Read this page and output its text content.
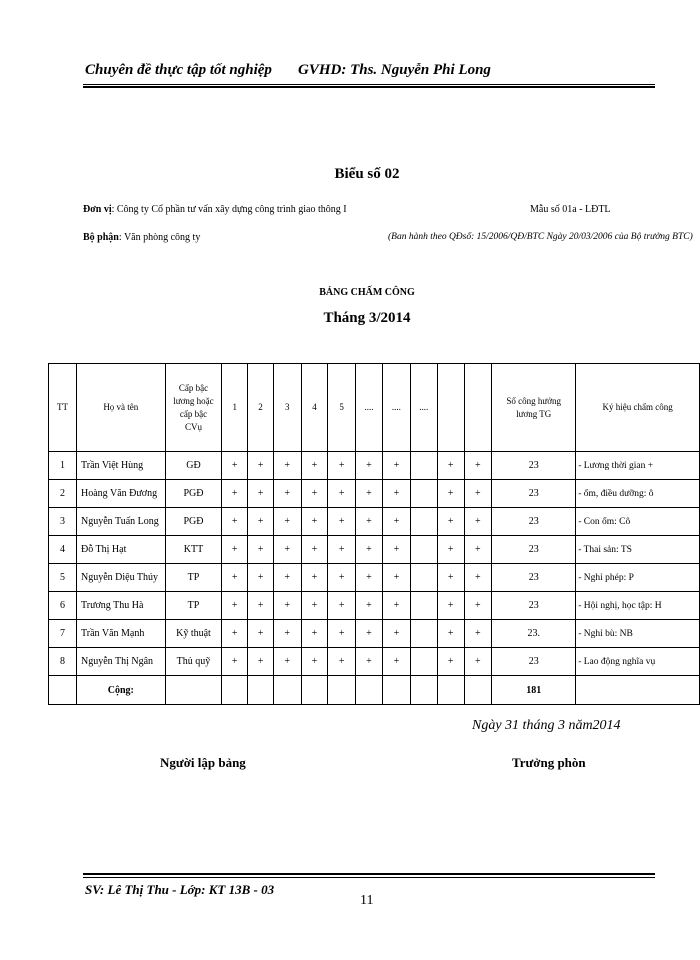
Chuyên đề thực tập tốt nghiệp GVHD: Ths. Nguyễn Phi Long
Biểu số 02
Đơn vị: Công ty Cổ phần tư vấn xây dựng công trình giao thông I	Mẫu số 01a - LĐTL
Bộ phận: Văn phòng công ty	(Ban hành theo QĐsố: 15/2006/QĐ/BTC Ngày 20/03/2006 của Bộ trưởng BTC)
BẢNG CHẤM CÔNG
Tháng 3/2014
TT	Họ và tên	Cấp bậc lương hoặc cấp bậc CVụ	1	2	3	4	5	....	....	....			Số công hưởng lương TG	Ký hiệu chấm công
1	Trần Việt Hùng	GĐ	+	+	+	+	+	+	+		+	+	23	- Lương thời gian +
2	Hoàng Văn Đương	PGĐ	+	+	+	+	+	+	+		+	+	23	- ốm, điều dưỡng: ô
3	Nguyễn Tuấn Long	PGĐ	+	+	+	+	+	+	+		+	+	23	- Con ốm: Cô
4	Đỗ Thị Hạt	KTT	+	+	+	+	+	+	+		+	+	23	- Thai sản: TS
5	Nguyễn Diệu Thúy	TP	+	+	+	+	+	+	+		+	+	23	- Nghỉ phép: P
6	Trương Thu Hà	TP	+	+	+	+	+	+	+		+	+	23	- Hội nghị, học tập: H
7	Trần Văn Mạnh	Kỹ thuật	+	+	+	+	+	+	+		+	+	23.	- Nghỉ bù: NB
8	Nguyễn Thị Ngân	Thủ quỹ	+	+	+	+	+	+	+		+	+	23	- Lao động nghĩa vụ
	Cộng:												181	
Ngày 31 tháng 3 năm2014
Người lập bảng	Trưởng phòn
SV: Lê Thị Thu - Lớp: KT 13B - 03
11
